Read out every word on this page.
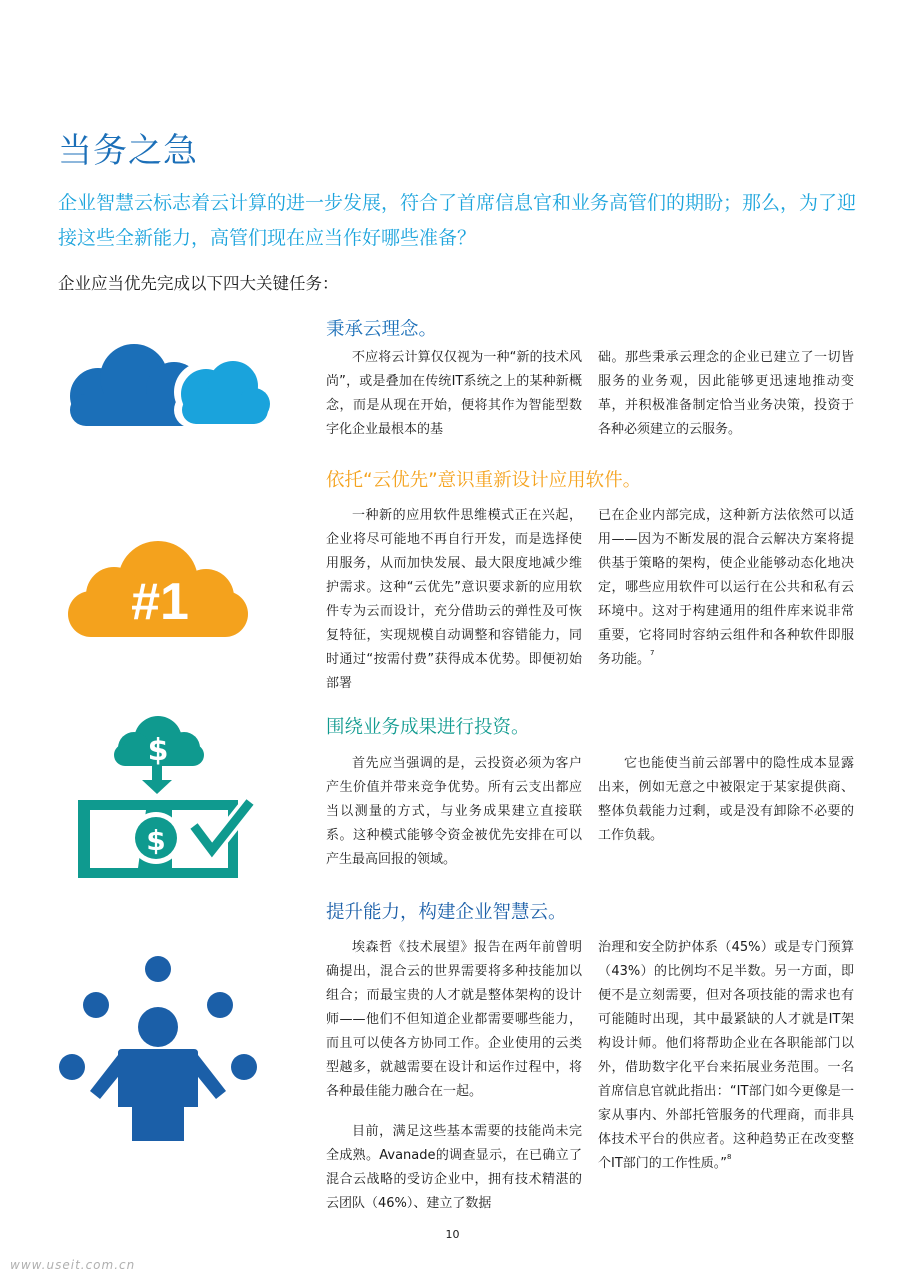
当务之急
企业智慧云标志着云计算的进一步发展，符合了首席信息官和业务高管们的期盼；那么，为了迎接这些全新能力，高管们现在应当作好哪些准备？
企业应当优先完成以下四大关键任务：
秉承云理念。

不应将云计算仅仅视为一种“新的技术风尚”，或是叠加在传统IT系统之上的某种新概念，而是从现在开始，便将其作为智能型数字化企业最根本的基

础。那些秉承云理念的企业已建立了一切皆服务的业务观，因此能够更迅速地推动变革，并积极准备制定恰当业务决策，投资于各种必须建立的云服务。

#1
依托“云优先”意识重新设计应用软件。

一种新的应用软件思维模式正在兴起，企业将尽可能地不再自行开发，而是选择使用服务，从而加快发展、最大限度地减少维护需求。这种“云优先”意识要求新的应用软件专为云而设计，充分借助云的弹性及可恢复特征，实现规模自动调整和容错能力，同时通过“按需付费”获得成本优势。即便初始部署

已在企业内部完成，这种新方法依然可以适用——因为不断发展的混合云解决方案将提供基于策略的架构，使企业能够动态化地决定，哪些应用软件可以运行在公共和私有云环境中。这对于构建通用的组件库来说非常重要，它将同时容纳云组件和各种软件即服务功能。$^7$

$
$
围绕业务成果进行投资。

首先应当强调的是，云投资必须为客户产生价值并带来竞争优势。所有云支出都应当以测量的方式，与业务成果建立直接联系。这种模式能够令资金被优先安排在可以产生最高回报的领域。

它也能使当前云部署中的隐性成本显露出来，例如无意之中被限定于某家提供商、整体负载能力过剩，或是没有卸除不必要的工作负载。

提升能力，构建企业智慧云。

埃森哲《技术展望》报告在两年前曾明确提出，混合云的世界需要将多种技能加以组合；而最宝贵的人才就是整体架构的设计师——他们不但知道企业都需要哪些能力，而且可以使各方协同工作。企业使用的云类型越多，就越需要在设计和运作过程中，将各种最佳能力融合在一起。

目前，满足这些基本需要的技能尚未完全成熟。Avanade的调查显示，在已确立了混合云战略的受访企业中，拥有技术精湛的云团队（46%）、建立了数据

治理和安全防护体系（45%）或是专门预算（43%）的比例均不足半数。另一方面，即便不是立刻需要，但对各项技能的需求也有可能随时出现，其中最紧缺的人才就是IT架构设计师。他们将帮助企业在各职能部门以外，借助数字化平台来拓展业务范围。一名首席信息官就此指出：“IT部门如今更像是一家从事内、外部托管服务的代理商，而非具体技术平台的供应者。这种趋势正在改变整个IT部门的工作性质。”$^8$

10
www.useit.com.cn
